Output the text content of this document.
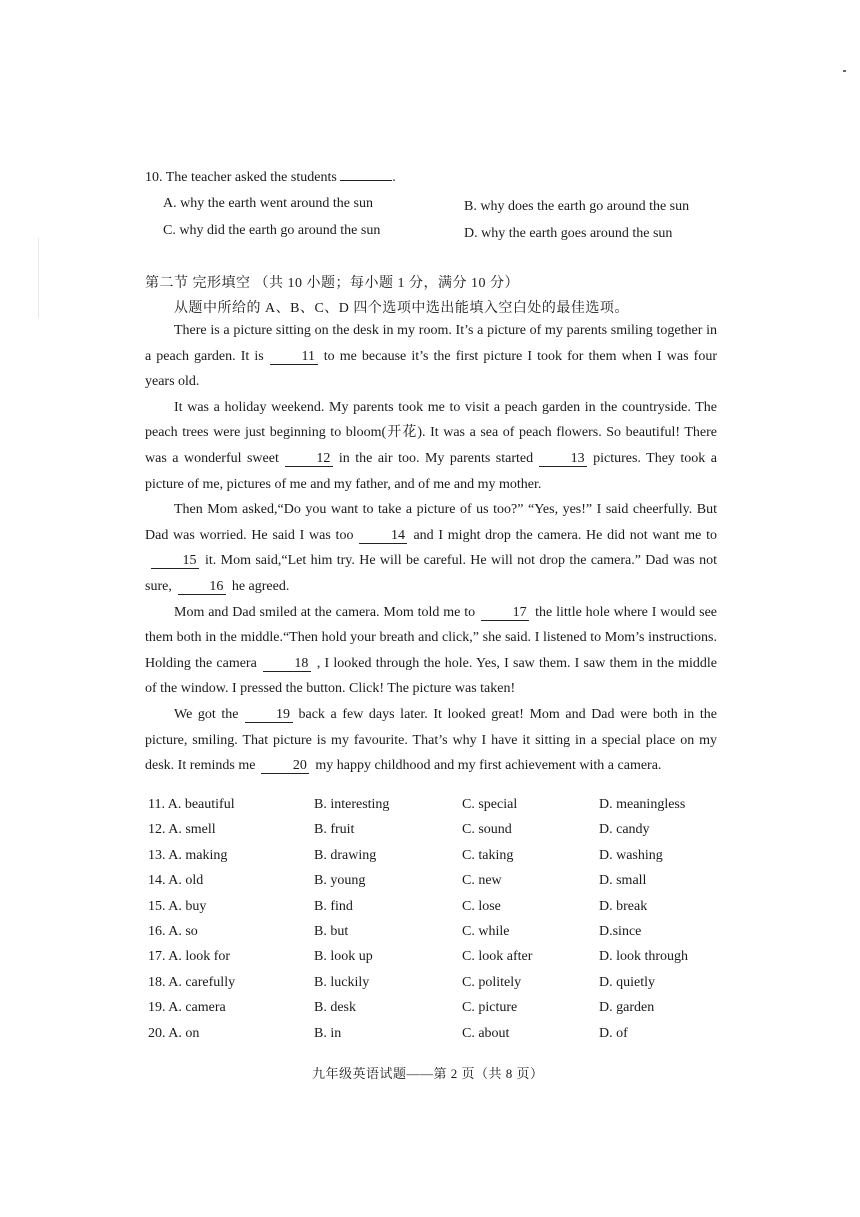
10. The teacher asked the students	.
A. why the earth went around the sun	B. why does the earth go around the sun
C. why did the earth go around the sun	D. why the earth goes around the sun
第二节 完形填空 （共 10 小题；每小题 1 分，满分 10 分）
从题中所给的 A、B、C、D 四个选项中选出能填入空白处的最佳选项。

There is a picture sitting on the desk in my room. It’s a picture of my parents smiling together in a peach garden. It is	11 to me because it’s the first picture I took for them when I was four years old.

It was a holiday weekend. My parents took me to visit a peach garden in the countryside. The peach trees were just beginning to bloom(开花). It was a sea of peach flowers. So beautiful! There was a wonderful sweet	12 in the air too. My parents started	13 pictures. They took a picture of me, pictures of me and my father, and of me and my mother.

Then Mom asked,“Do you want to take a picture of us too?” “Yes, yes!” I said cheerfully. But Dad was worried. He said I was too	14 and I might drop the camera. He did not want me to15 it. Mom said,“Let him try. He will be careful. He will not drop the camera.” Dad was not sure,	16 he agreed.

Mom and Dad smiled at the camera. Mom told me to	17 the little hole where I would see them both in the middle.“Then hold your breath and click,” she said. I listened to Mom’s instructions. Holding the camera	18 , I looked through the hole. Yes, I saw them. I saw them in the middle of the window. I pressed the button. Click! The picture was taken!

We got the	19 back a few days later. It looked great! Mom and Dad were both in the picture, smiling. That picture is my favourite. That’s why I have it sitting in a special place on my desk. It reminds me	20 my happy childhood and my first achievement with a camera.

11. A. beautiful	B. interesting	C. special	D. meaningless
12. A. smell	B. fruit	C. sound	D. candy
13. A. making	B. drawing	C. taking	D. washing
14. A. old	B. young	C. new	D. small
15. A. buy	B. find	C. lose	D. break
16. A. so	B. but	C. while	D.since
17. A. look for	B. look up	C. look after	D. look through
18. A. carefully	B. luckily	C. politely	D. quietly
19. A. camera	B. desk	C. picture	D. garden
20. A. on	B. in	C. about	D. of
九年级英语试题——第 2 页（共 8 页）
